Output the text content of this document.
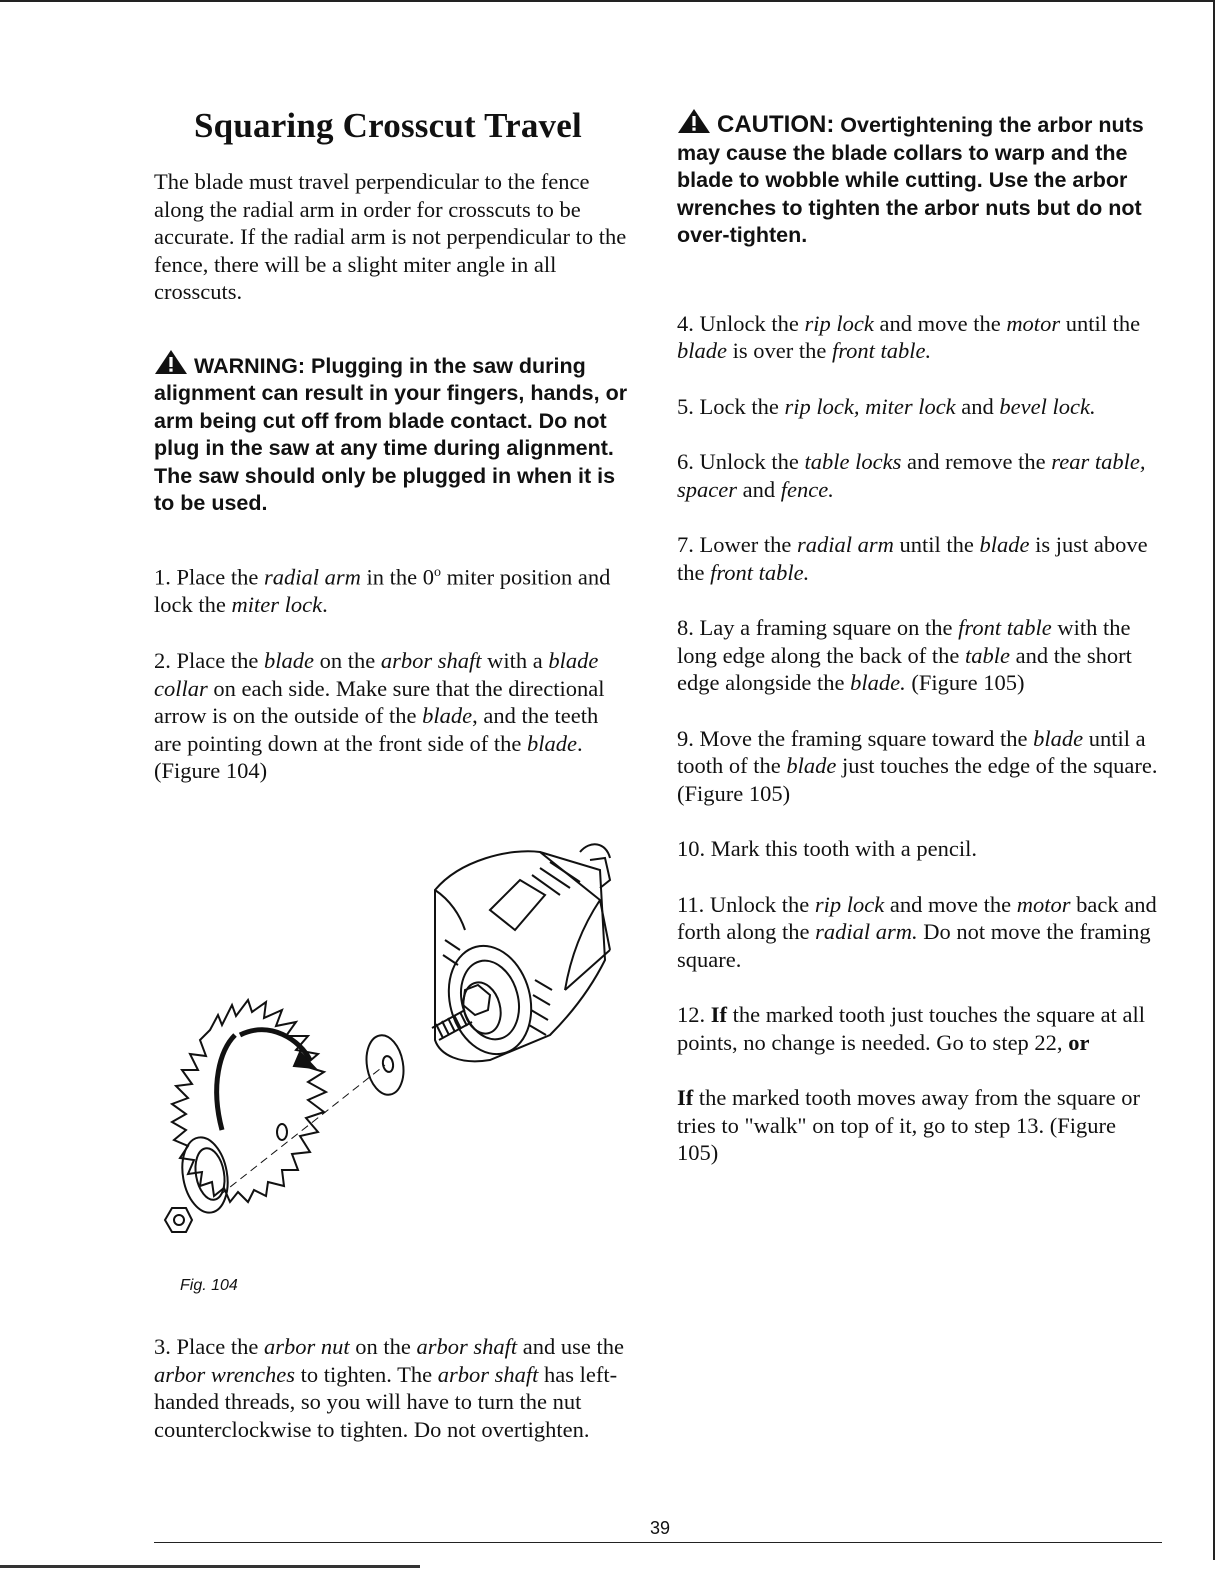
Squaring Crosscut Travel

The blade must travel perpendicular to the fence along the radial arm in order for crosscuts to be accurate. If the radial arm is not perpendicular to the fence, there will be a slight miter angle in all crosscuts.

WARNING: Plugging in the saw during alignment can result in your fingers, hands, or arm being cut off from blade contact. Do not plug in the saw at any time during alignment. The saw should only be plugged in when it is to be used.

1. Place the radial arm in the 0$^o$ miter position and lock the miter lock.

2. Place the blade on the arbor shaft with a blade collar on each side. Make sure that the directional arrow is on the outside of the blade, and the teeth are pointing down at the front side of the blade. (Figure 104)

Fig. 104

3. Place the arbor nut on the arbor shaft and use the arbor wrenches to tighten. The arbor shaft has left-handed threads, so you will have to turn the nut counterclockwise to tighten. Do not overtighten.

CAUTION: Overtightening the arbor nuts may cause the blade collars to warp and the blade to wobble while cutting. Use the arbor wrenches to tighten the arbor nuts but do not over-tighten.

4. Unlock the rip lock and move the motor until the blade is over the front table.

5. Lock the rip lock, miter lock and bevel lock.

6. Unlock the table locks and remove the rear table, spacer and fence.

7. Lower the radial arm until the blade is just above the front table.

8. Lay a framing square on the front table with the long edge along the back of the table and the short edge alongside the blade. (Figure 105)

9. Move the framing square toward the blade until a tooth of the blade just touches the edge of the square. (Figure 105)

10. Mark this tooth with a pencil.

11. Unlock the rip lock and move the motor back and forth along the radial arm. Do not move the framing square.

12. If the marked tooth just touches the square at all points, no change is needed. Go to step 22, or

If the marked tooth moves away from the square or tries to "walk" on top of it, go to step 13. (Figure 105)

39
